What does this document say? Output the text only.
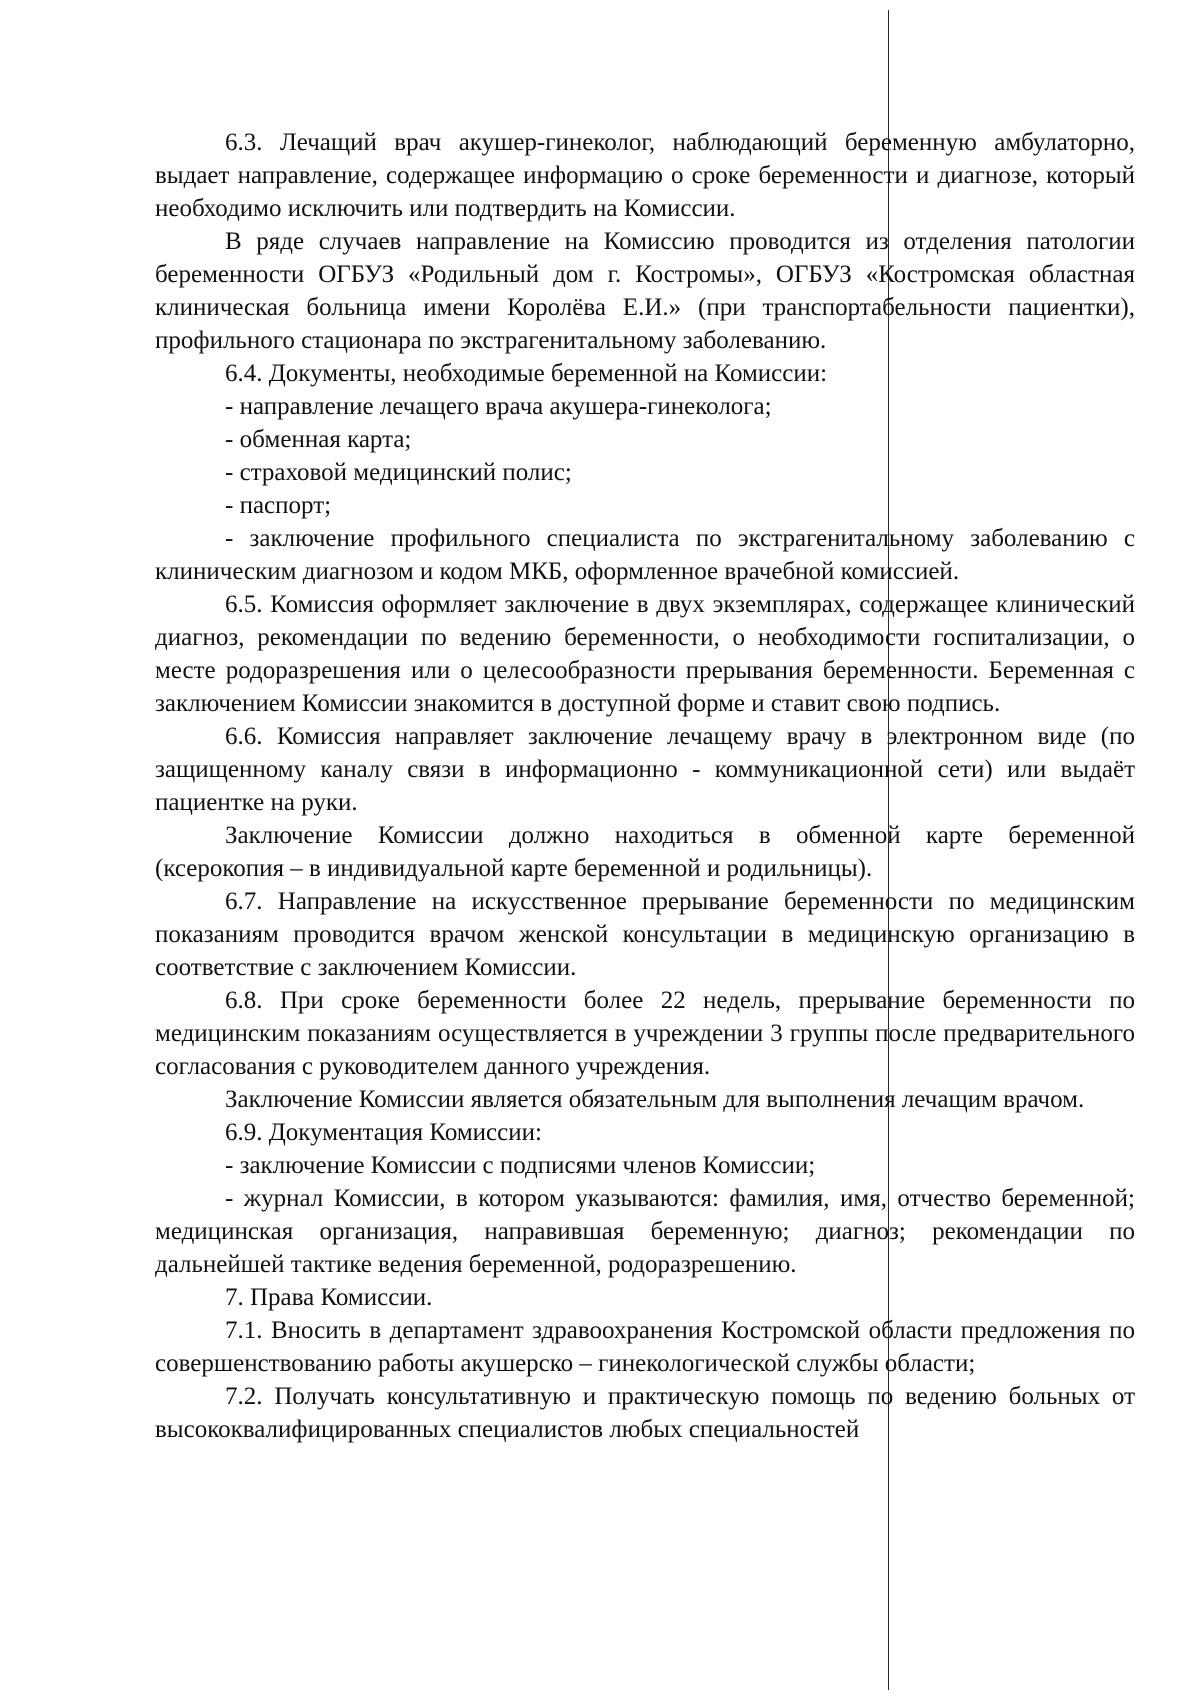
6.3. Лечащий врач акушер-гинеколог, наблюдающий беременную амбулаторно, выдает направление, содержащее информацию о сроке беременности и диагнозе, который необходимо исключить или подтвердить на Комиссии.

В ряде случаев направление на Комиссию проводится из отделения патологии беременности ОГБУЗ «Родильный дом г. Костромы», ОГБУЗ «Костромская областная клиническая больница имени Королёва Е.И.» (при транспортабельности пациентки), профильного стационара по экстрагенитальному заболеванию.

6.4. Документы, необходимые беременной на Комиссии:

- направление лечащего врача акушера-гинеколога;

- обменная карта;

- страховой медицинский полис;

- паспорт;

- заключение профильного специалиста по экстрагенитальному заболеванию с клиническим диагнозом и кодом МКБ, оформленное врачебной комиссией.

6.5. Комиссия оформляет заключение в двух экземплярах, содержащее клинический диагноз, рекомендации по ведению беременности, о необходимости госпитализации, о месте родоразрешения или о целесообразности прерывания беременности. Беременная с заключением Комиссии знакомится в доступной форме и ставит свою подпись.

6.6. Комиссия направляет заключение лечащему врачу в электронном виде (по защищенному каналу связи в информационно - коммуникационной сети) или выдаёт пациентке на руки.

Заключение Комиссии должно находиться в обменной карте беременной (ксерокопия – в индивидуальной карте беременной и родильницы).

6.7. Направление на искусственное прерывание беременности по медицинским показаниям проводится врачом женской консультации в медицинскую организацию в соответствие с заключением Комиссии.

6.8. При сроке беременности более 22 недель, прерывание беременности по медицинским показаниям осуществляется в учреждении 3 группы после предварительного согласования с руководителем данного учреждения.

Заключение Комиссии является обязательным для выполнения лечащим врачом.

6.9. Документация Комиссии:

- заключение Комиссии с подписями членов Комиссии;

- журнал Комиссии, в котором указываются: фамилия, имя, отчество беременной; медицинская организация, направившая беременную; диагноз; рекомендации по дальнейшей тактике ведения беременной, родоразрешению.

7. Права Комиссии.

7.1. Вносить в департамент здравоохранения Костромской области предложения по совершенствованию работы акушерско – гинекологической службы области;

7.2. Получать консультативную и практическую помощь по ведению больных от высококвалифицированных специалистов любых специальностей
